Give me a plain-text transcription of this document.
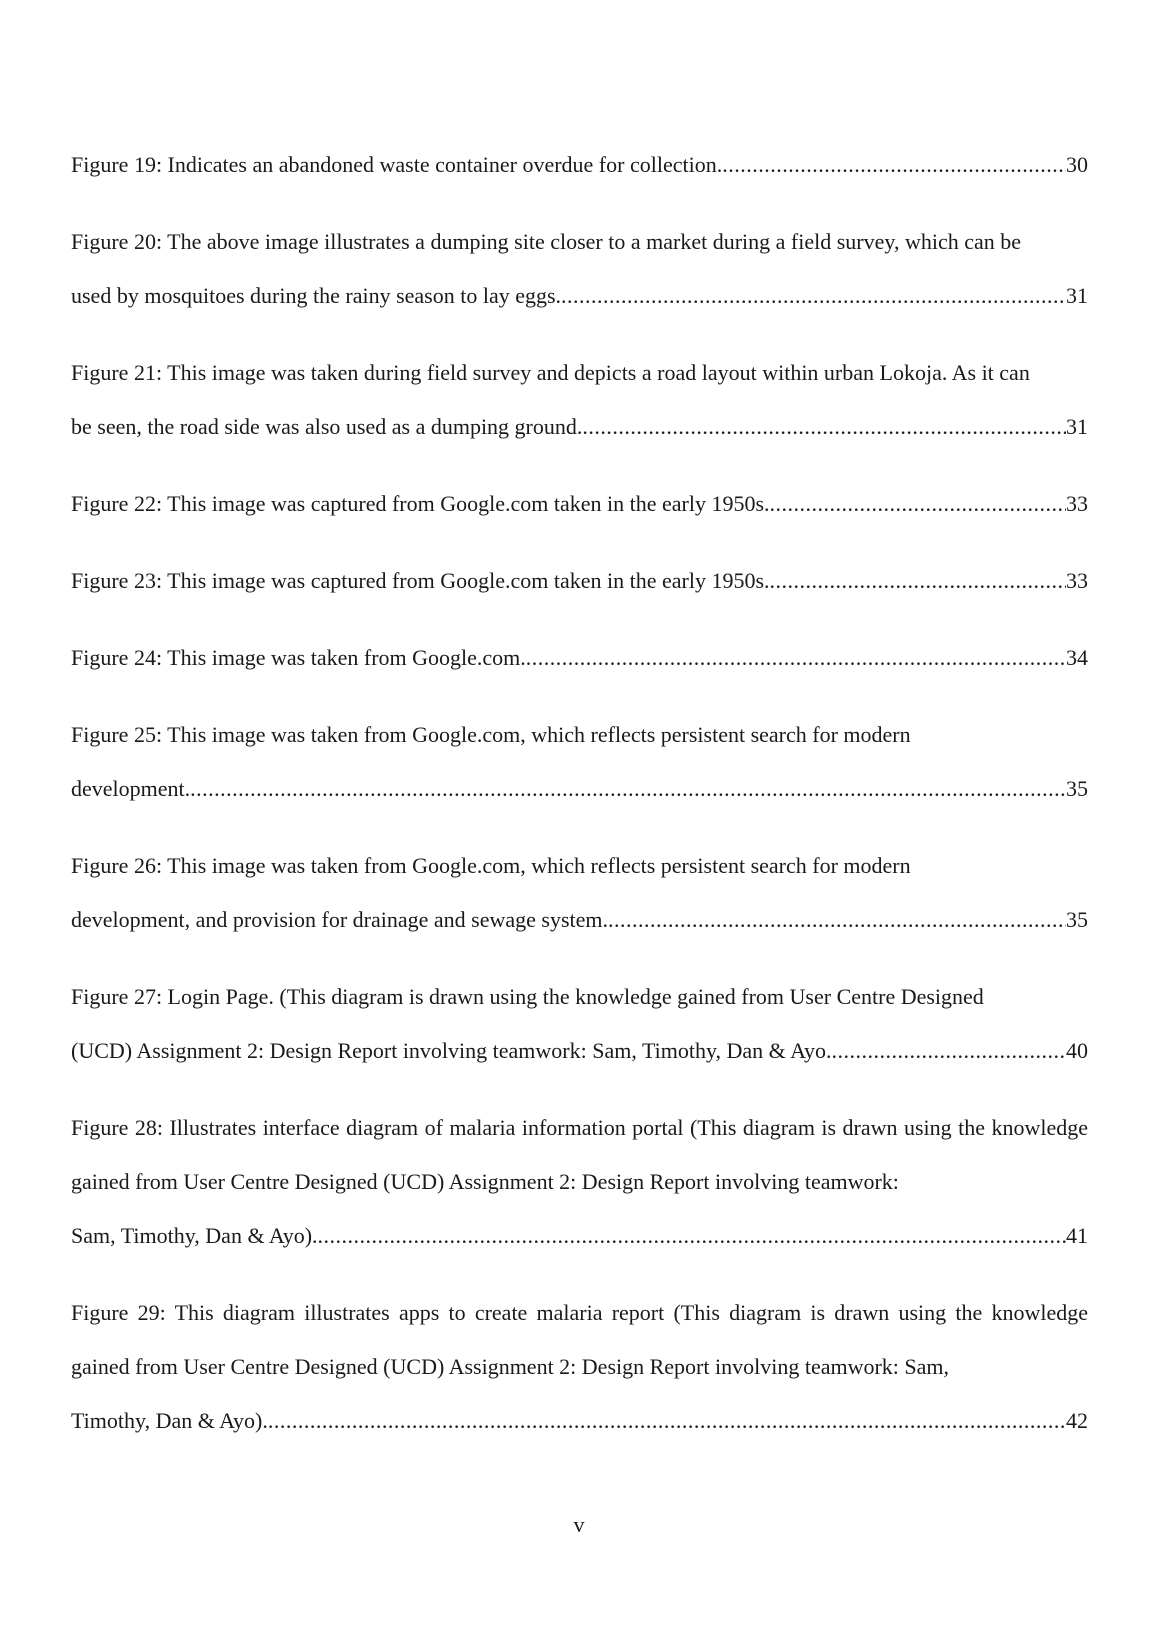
Figure 19: Indicates an abandoned waste container overdue for collection. .....	30
Figure 20: The above image illustrates a dumping site closer to a market during a field survey, which can be
used by mosquitoes during the rainy season to lay eggs. .....	31
Figure 21: This image was taken during field survey and depicts a road layout within urban Lokoja. As it can
be seen, the road side was also used as a dumping ground. .....	31
Figure 22: This image was captured from Google.com taken in the early 1950s. .....	33
Figure 23: This image was captured from Google.com taken in the early 1950s. .....	33
Figure 24: This image was taken from Google.com. .....	34
Figure 25: This image was taken from Google.com, which reflects persistent search for modern
development. .....	35
Figure 26: This image was taken from Google.com, which reflects persistent search for modern
development, and provision for drainage and sewage system. .....	35
Figure 27: Login Page. (This diagram is drawn using the knowledge gained from User Centre Designed
(UCD) Assignment 2: Design Report involving teamwork: Sam, Timothy, Dan & Ayo. .....	40
Figure 28: Illustrates interface diagram of malaria information portal (This diagram is drawn using the knowledge gained from User Centre Designed (UCD) Assignment 2: Design Report involving teamwork:
Sam, Timothy, Dan & Ayo). .....	41
Figure 29: This diagram illustrates apps to create malaria report (This diagram is drawn using the knowledge gained from User Centre Designed (UCD) Assignment 2: Design Report involving teamwork: Sam,
Timothy, Dan & Ayo). .....	42
v
